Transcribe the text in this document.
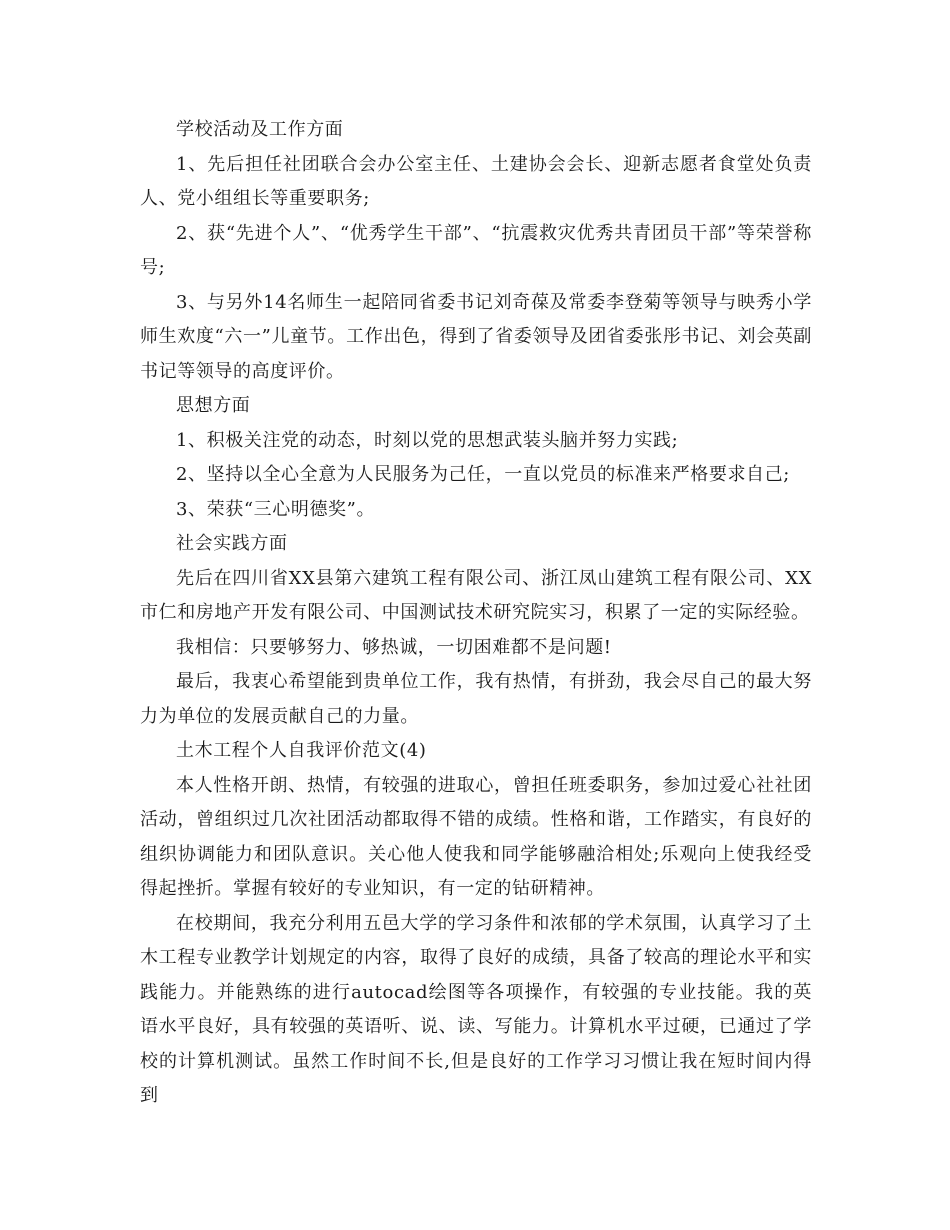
学校活动及工作方面

1、先后担任社团联合会办公室主任、土建协会会长、迎新志愿者食堂处负责人、党小组组长等重要职务;

2、获“先进个人”、“优秀学生干部”、“抗震救灾优秀共青团员干部”等荣誉称号;

3、与另外14名师生一起陪同省委书记刘奇葆及常委李登菊等领导与映秀小学师生欢度“六一”儿童节。工作出色，得到了省委领导及团省委张彤书记、刘会英副书记等领导的高度评价。

思想方面

1、积极关注党的动态，时刻以党的思想武装头脑并努力实践;

2、坚持以全心全意为人民服务为己任，一直以党员的标准来严格要求自己;

3、荣获“三心明德奖”。

社会实践方面

先后在四川省XX县第六建筑工程有限公司、浙江凤山建筑工程有限公司、XX市仁和房地产开发有限公司、中国测试技术研究院实习，积累了一定的实际经验。

我相信：只要够努力、够热诚，一切困难都不是问题!

最后，我衷心希望能到贵单位工作，我有热情，有拼劲，我会尽自己的最大努力为单位的发展贡献自己的力量。

土木工程个人自我评价范文(4)

本人性格开朗、热情，有较强的进取心，曾担任班委职务，参加过爱心社社团活动，曾组织过几次社团活动都取得不错的成绩。性格和谐，工作踏实，有良好的组织协调能力和团队意识。关心他人使我和同学能够融洽相处;乐观向上使我经受得起挫折。掌握有较好的专业知识，有一定的钻研精神。

在校期间，我充分利用五邑大学的学习条件和浓郁的学术氛围，认真学习了土木工程专业教学计划规定的内容，取得了良好的成绩，具备了较高的理论水平和实践能力。并能熟练的进行autocad绘图等各项操作，有较强的专业技能。我的英语水平良好，具有较强的英语听、说、读、写能力。计算机水平过硬，已通过了学校的计算机测试。虽然工作时间不长,但是良好的工作学习习惯让我在短时间内得到
